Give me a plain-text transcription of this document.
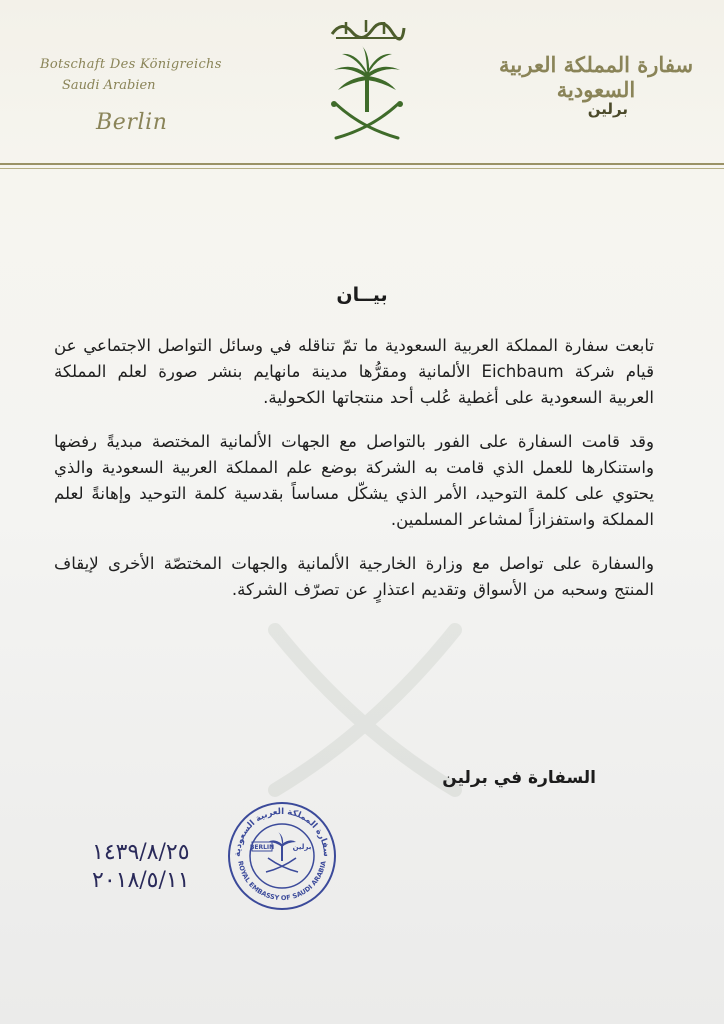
Botschaft Des Königreichs
Saudi Arabien
Berlin
سفارة المملكة العربية السعودية
برلين
بيــان

تابعت سفارة المملكة العربية السعودية ما تمّ تناقله في وسائل التواصل الاجتماعي عن قيام شركة Eichbaum الألمانية ومقرُّها مدينة مانهايم بنشر صورة لعلم المملكة العربية السعودية على أغطية عُلب أحد منتجاتها الكحولية.

وقد قامت السفارة على الفور بالتواصل مع الجهات الألمانية المختصة مبديةً رفضها واستنكارها للعمل الذي قامت به الشركة بوضع علم المملكة العربية السعودية والذي يحتوي على كلمة التوحيد، الأمر الذي يشكّل مساساً بقدسية كلمة التوحيد وإهانةً لعلم المملكة واستفزازاً لمشاعر المسلمين.

والسفارة على تواصل مع وزارة الخارجية الألمانية والجهات المختصّة الأخرى لإيقاف المنتج وسحبه من الأسواق وتقديم اعتذارٍ عن تصرّف الشركة.

السفارة في برلين
١٤٣٩/٨/٢٥
٢٠١٨/٥/١١
سفارة المملكة العربية السعودية
ROYAL EMBASSY OF SAUDI ARABIA
BERLIN	برلين
